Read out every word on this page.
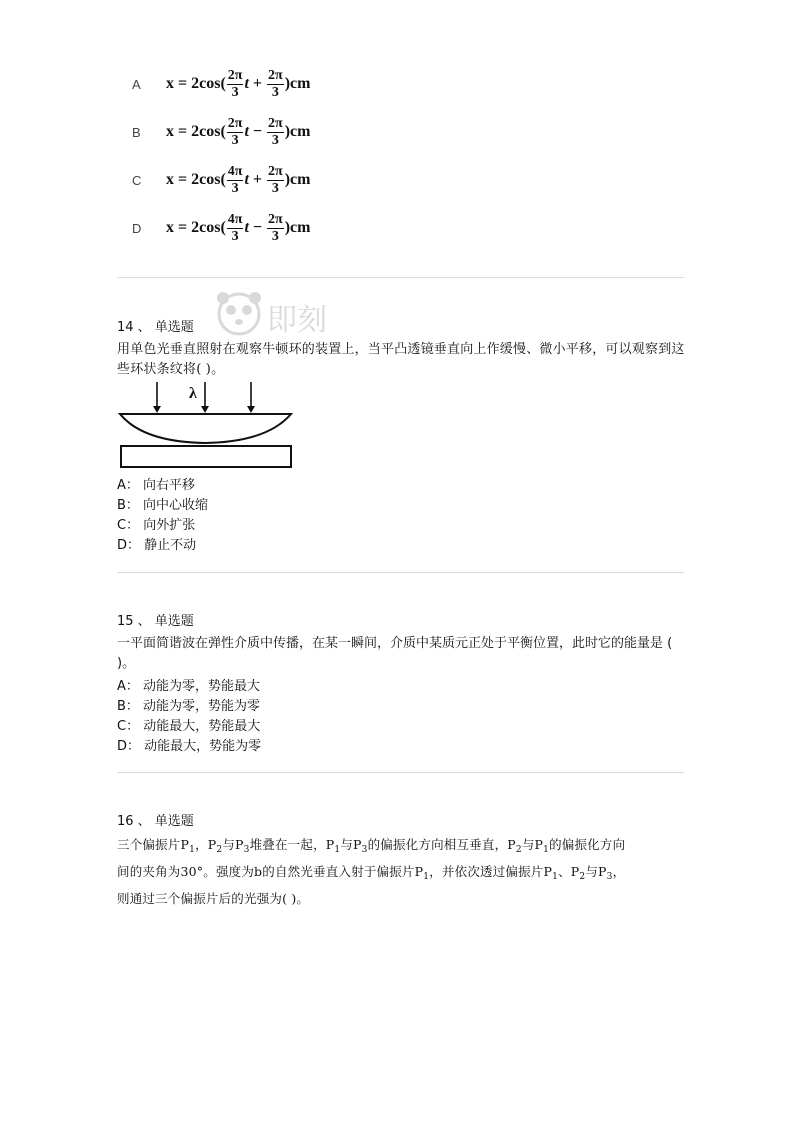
A	$x = 2\cos( \frac{2\pi}{3}$ $t + \frac{2\pi}{3} )cm$
B	$x = 2\cos( \frac{2\pi}{3}$ $t - \frac{2\pi}{3} )cm$
C	$x = 2\cos( \frac{4\pi}{3}$ $t + \frac{2\pi}{3} )cm$
D	$x = 2\cos( \frac{4\pi}{3}$ $t - \frac{2\pi}{3} )cm$
即刻
14 、 单选题
用单色光垂直照射在观察牛顿环的装置上，当平凸透镜垂直向上作缓慢、微小平移，可以观察到这些环状条纹将( )。
λ
A： 向右平移
B： 向中心收缩
C： 向外扩张
D： 静止不动
15 、 单选题
一平面简谐波在弹性介质中传播，在某一瞬间，介质中某质元正处于平衡位置，此时它的能量是 ( )。
A： 动能为零，势能最大
B： 动能为零，势能为零
C： 动能最大，势能最大
D： 动能最大，势能为零
16 、 单选题
三个偏振片$P_1$，$P_2$与$P_3$堆叠在一起，$P_1$与$P_3$的偏振化方向相互垂直，$P_2$与$P_1$的偏振化方向
间的夹角为30°。强度为b的自然光垂直入射于偏振片$P_1$，并依次透过偏振片$P_1$、$P_2$与$P_3$，
则通过三个偏振片后的光强为( )。
